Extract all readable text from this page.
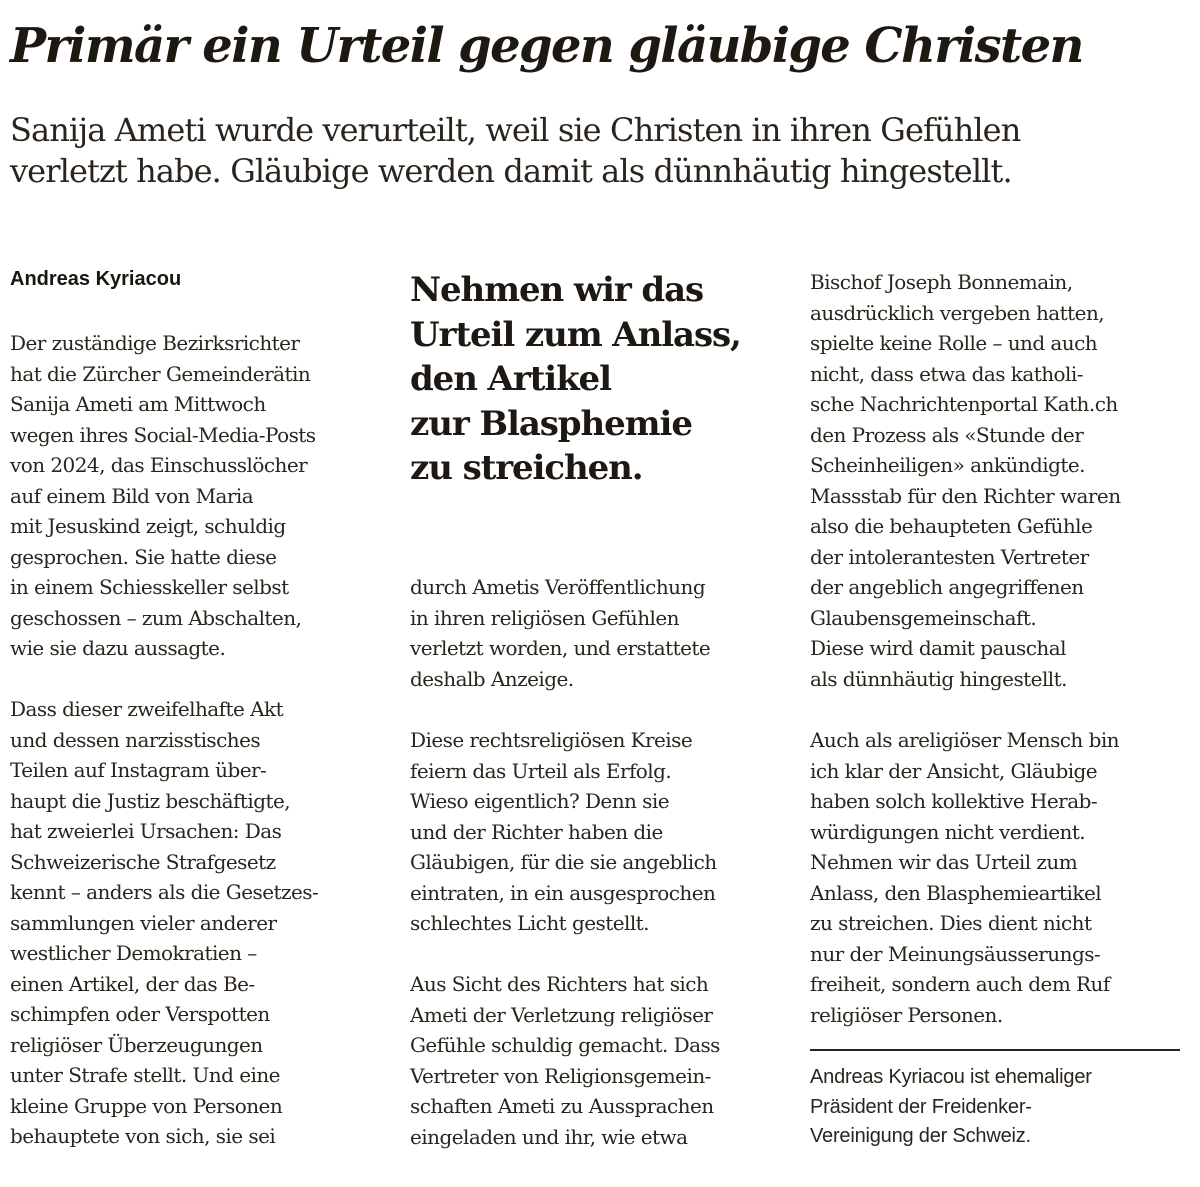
Primär ein Urteil gegen gläubige Christen
Sanija Ameti wurde verurteilt, weil sie Christen in ihren Gefühlen
verletzt habe. Gläubige werden damit als dünnhäutig hingestellt.
Andreas Kyriacou

Der zuständige Bezirksrichter
hat die Zürcher Gemeinderätin
Sanija Ameti am Mittwoch
wegen ihres Social-Media-Posts
von 2024, das Einschusslöcher
auf einem Bild von Maria
mit Jesuskind zeigt, schuldig
gesprochen. Sie hatte diese
in einem Schiesskeller selbst
geschossen – zum Abschalten,
wie sie dazu aussagte.

Dass dieser zweifelhafte Akt
und dessen narzisstisches
Teilen auf Instagram über-
haupt die Justiz beschäftigte,
hat zweierlei Ursachen: Das
Schweizerische Strafgesetz
kennt – anders als die Gesetzes-
sammlungen vieler anderer
westlicher Demokratien –
einen Artikel, der das Be-
schimpfen oder Verspotten
religiöser Überzeugungen
unter Strafe stellt. Und eine
kleine Gruppe von Personen
behauptete von sich, sie sei

Nehmen wir das
Urteil zum Anlass,
den Artikel
zur Blasphemie
zu streichen.

durch Ametis Veröffentlichung
in ihren religiösen Gefühlen
verletzt worden, und erstattete
deshalb Anzeige.

Diese rechtsreligiösen Kreise
feiern das Urteil als Erfolg.
Wieso eigentlich? Denn sie
und der Richter haben die
Gläubigen, für die sie angeblich
eintraten, in ein ausgesprochen
schlechtes Licht gestellt.

Aus Sicht des Richters hat sich
Ameti der Verletzung religiöser
Gefühle schuldig gemacht. Dass
Vertreter von Religionsgemein-
schaften Ameti zu Aussprachen
eingeladen und ihr, wie etwa

Bischof Joseph Bonnemain,
ausdrücklich vergeben hatten,
spielte keine Rolle – und auch
nicht, dass etwa das katholi-
sche Nachrichtenportal Kath.ch
den Prozess als «Stunde der
Scheinheiligen» ankündigte.
Massstab für den Richter waren
also die behaupteten Gefühle
der intolerantesten Vertreter
der angeblich angegriffenen
Glaubensgemeinschaft.
Diese wird damit pauschal
als dünnhäutig hingestellt.

Auch als areligiöser Mensch bin
ich klar der Ansicht, Gläubige
haben solch kollektive Herab-
würdigungen nicht verdient.
Nehmen wir das Urteil zum
Anlass, den Blasphemieartikel
zu streichen. Dies dient nicht
nur der Meinungsäusserungs-
freiheit, sondern auch dem Ruf
religiöser Personen.

Andreas Kyriacou ist ehemaliger
Präsident der Freidenker-
Vereinigung der Schweiz.
